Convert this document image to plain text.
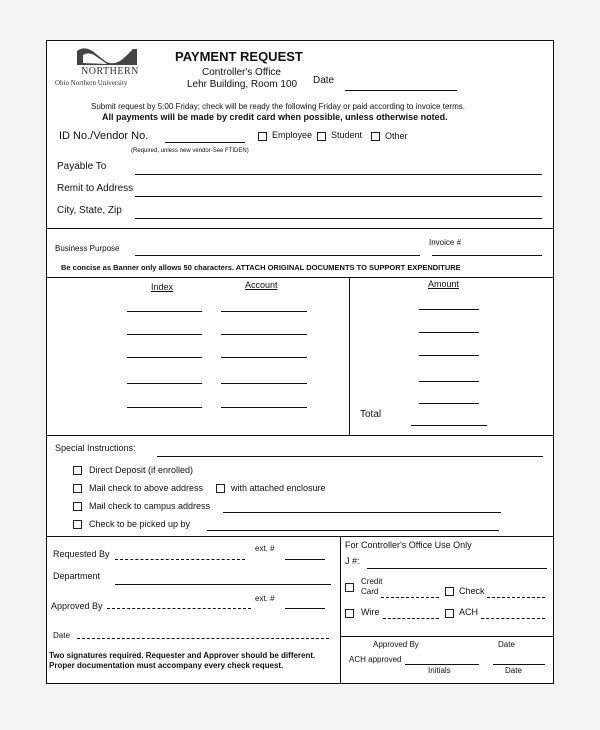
NORTHERN
Ohio Northern University
PAYMENT REQUEST
Controller's Office
Lehr Building, Room 100 Date
Submit request by 5:00 Friday; check will be ready the following Friday or paid according to invoice terms.
All payments will be made by credit card when possible, unless otherwise noted.
ID No./Vendor No.	Employee Student	Other
(Required, unless new vendor-See FTIDEN)
Payable To
Remit to Address
City, State, Zip
Business Purpose
Invoice #
Be concise as Banner only allows 50 characters. ATTACH ORIGINAL DOCUMENTS TO SUPPORT EXPENDITURE
Index	Account	Amount
Total
Special Instructions:
Direct Deposit (if enrolled)
Mail check to above address	with attached enclosure
Mail check to campus address
Check to be picked up by
Requested By
ext. #
Department
Approved By
ext. #
Date
Two signatures required. Requester and Approver should be different.
Proper documentation must accompany every check request.
For Controller's Office Use Only
J #:
Credit
Card	Check
Wire	ACH
Approved By	Date
ACH approved
Initials	Date
